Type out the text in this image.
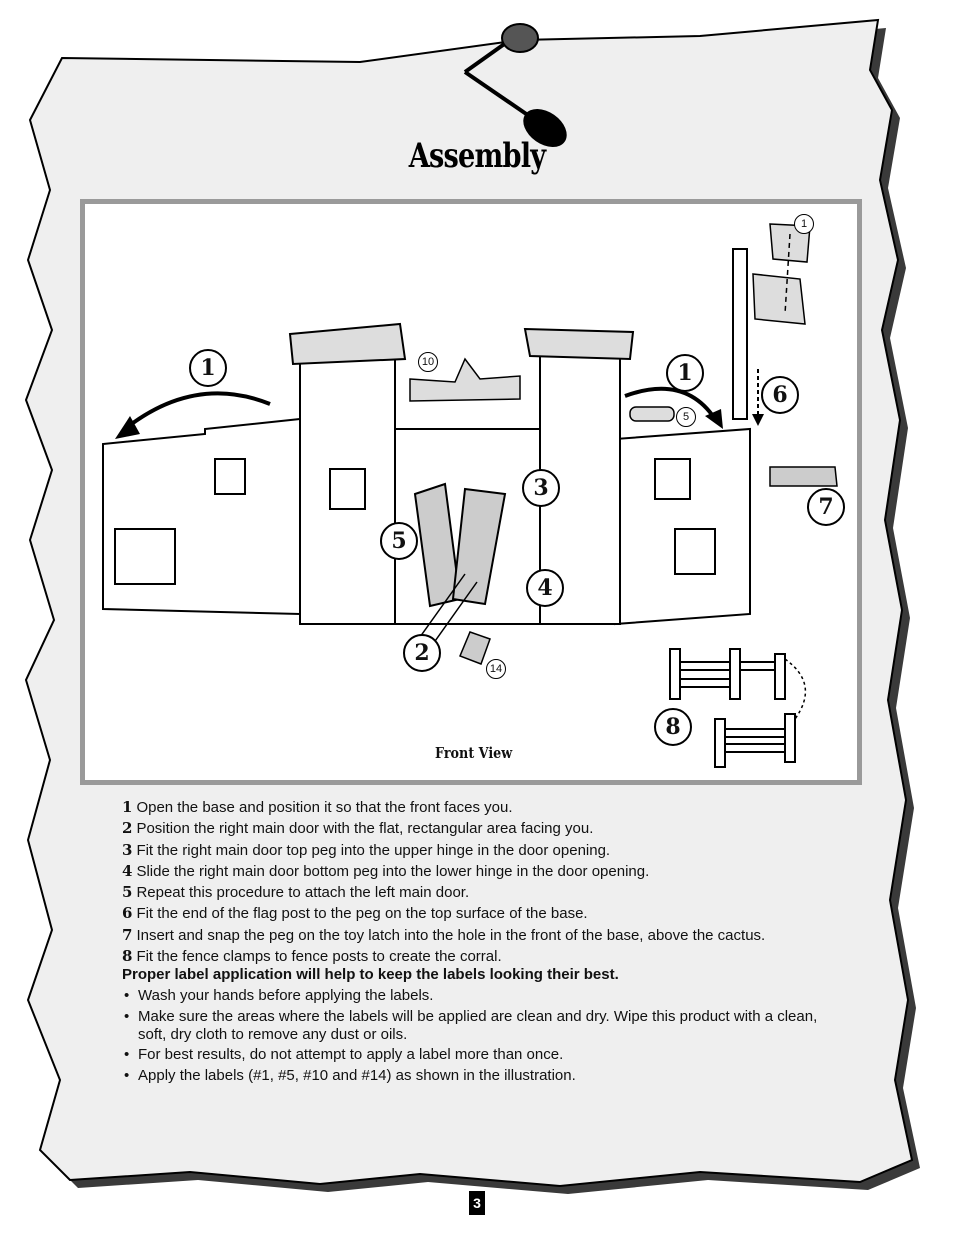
Assembly
1	1
2
3
4
5
6
7
8
1
5
10
14
Front View
1 Open the base and position it so that the front faces you.
2 Position the right main door with the flat, rectangular area facing you.
3 Fit the right main door top peg into the upper hinge in the door opening.
4 Slide the right main door bottom peg into the lower hinge in the door opening.
5 Repeat this procedure to attach the left main door.
6 Fit the end of the flag post to the peg on the top surface of the base.
7 Insert and snap the peg on the toy latch into the hole in the front of the base, above the cactus.
8 Fit the fence clamps to fence posts to create the corral.
Proper label application will help to keep the labels looking their best.
• Wash your hands before applying the labels.
• Make sure the areas where the labels will be applied are clean and dry. Wipe this product with a clean, soft, dry cloth to remove any dust or oils.
• For best results, do not attempt to apply a label more than once.
• Apply the labels (#1, #5, #10 and #14) as shown in the illustration.
3
